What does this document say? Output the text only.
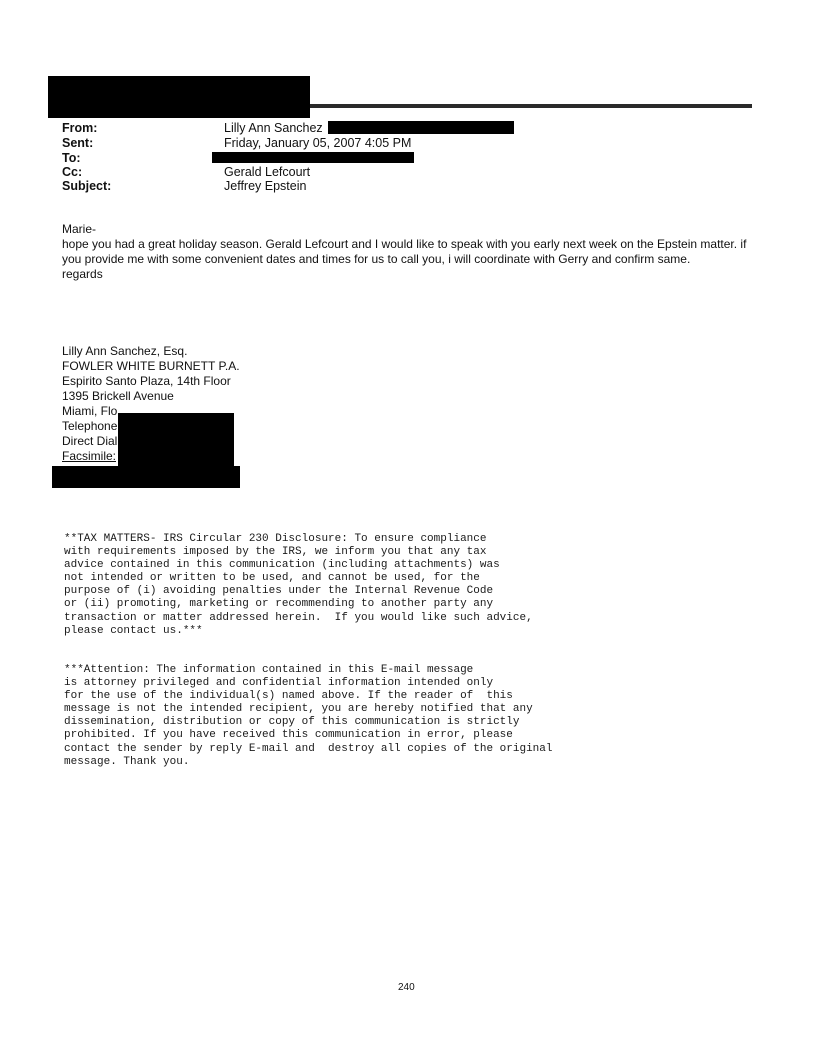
From:	Lilly Ann Sanchez
Sent:	Friday, January 05, 2007 4:05 PM
To:
Cc:	Gerald Lefcourt
Subject:	Jeffrey Epstein

Marie-

hope you had a great holiday season. Gerald Lefcourt and I would like to speak with you early next week on the Epstein matter. if you provide me with some convenient dates and times for us to call you, i will coordinate with Gerry and confirm same.

regards

Lilly Ann Sanchez, Esq.
FOWLER WHITE BURNETT P.A.
Espirito Santo Plaza, 14th Floor
1395 Brickell Avenue
Miami, Flo
Telephone
Direct Dial
Facsimile:
**TAX MATTERS- IRS Circular 230 Disclosure: To ensure compliance
with requirements imposed by the IRS, we inform you that any tax
advice contained in this communication (including attachments) was
not intended or written to be used, and cannot be used, for the
purpose of (i) avoiding penalties under the Internal Revenue Code
or (ii) promoting, marketing or recommending to another party any
transaction or matter addressed herein.  If you would like such advice,
please contact us.***
***Attention: The information contained in this E-mail message
is attorney privileged and confidential information intended only
for the use of the individual(s) named above. If the reader of  this
message is not the intended recipient, you are hereby notified that any
dissemination, distribution or copy of this communication is strictly
prohibited. If you have received this communication in error, please
contact the sender by reply E-mail and  destroy all copies of the original
message. Thank you.
240
